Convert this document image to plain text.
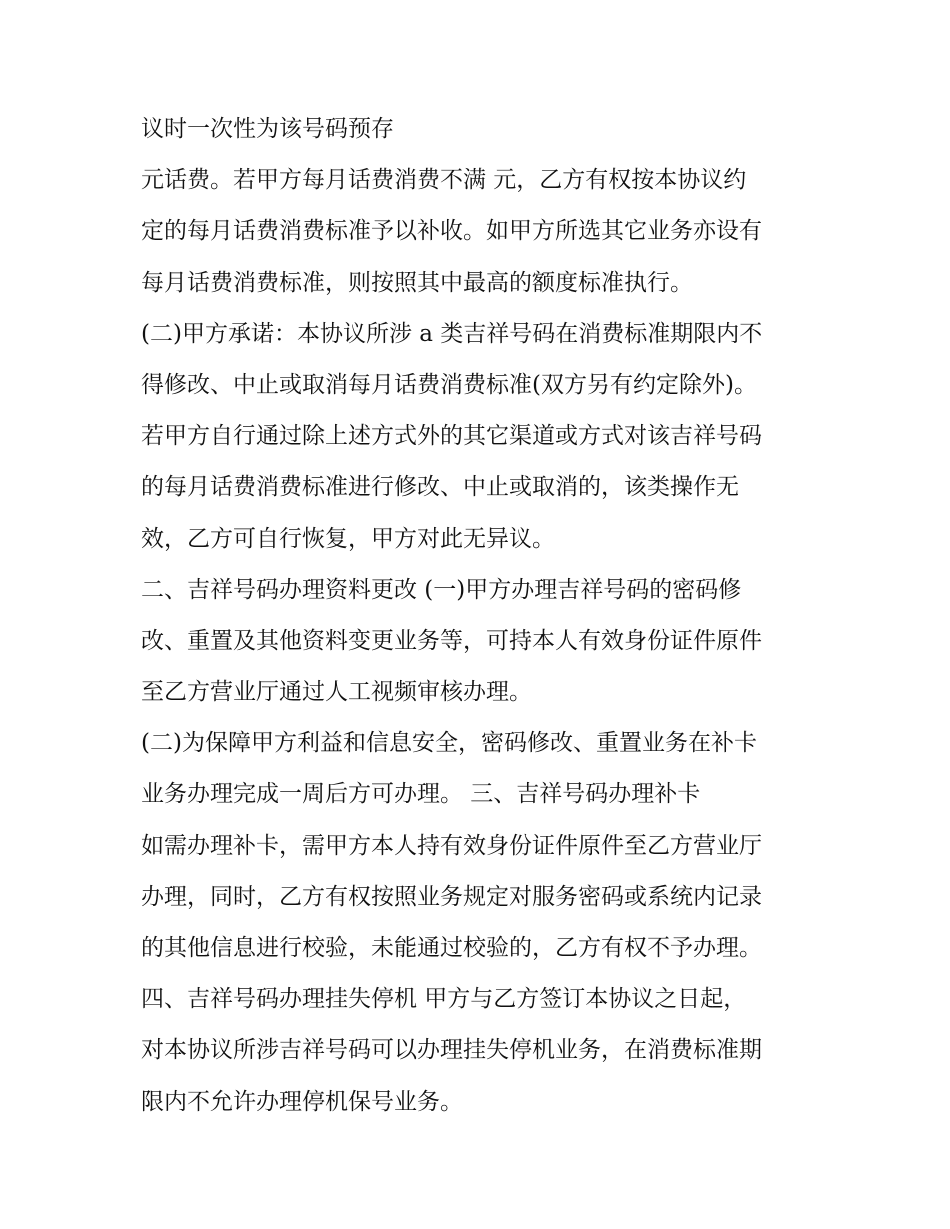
议时一次性为该号码预存
元话费。若甲方每月话费消费不满 元，乙方有权按本协议约
定的每月话费消费标准予以补收。如甲方所选其它业务亦设有
每月话费消费标准，则按照其中最高的额度标准执行。
(二)甲方承诺：本协议所涉 a 类吉祥号码在消费标准期限内不
得修改、中止或取消每月话费消费标准(双方另有约定除外)。
若甲方自行通过除上述方式外的其它渠道或方式对该吉祥号码
的每月话费消费标准进行修改、中止或取消的，该类操作无
效，乙方可自行恢复，甲方对此无异议。
二、吉祥号码办理资料更改 (一)甲方办理吉祥号码的密码修
改、重置及其他资料变更业务等，可持本人有效身份证件原件
至乙方营业厅通过人工视频审核办理。
(二)为保障甲方利益和信息安全，密码修改、重置业务在补卡
业务办理完成一周后方可办理。 三、吉祥号码办理补卡
如需办理补卡，需甲方本人持有效身份证件原件至乙方营业厅
办理，同时，乙方有权按照业务规定对服务密码或系统内记录
的其他信息进行校验，未能通过校验的，乙方有权不予办理。
四、吉祥号码办理挂失停机 甲方与乙方签订本协议之日起，
对本协议所涉吉祥号码可以办理挂失停机业务，在消费标准期
限内不允许办理停机保号业务。
